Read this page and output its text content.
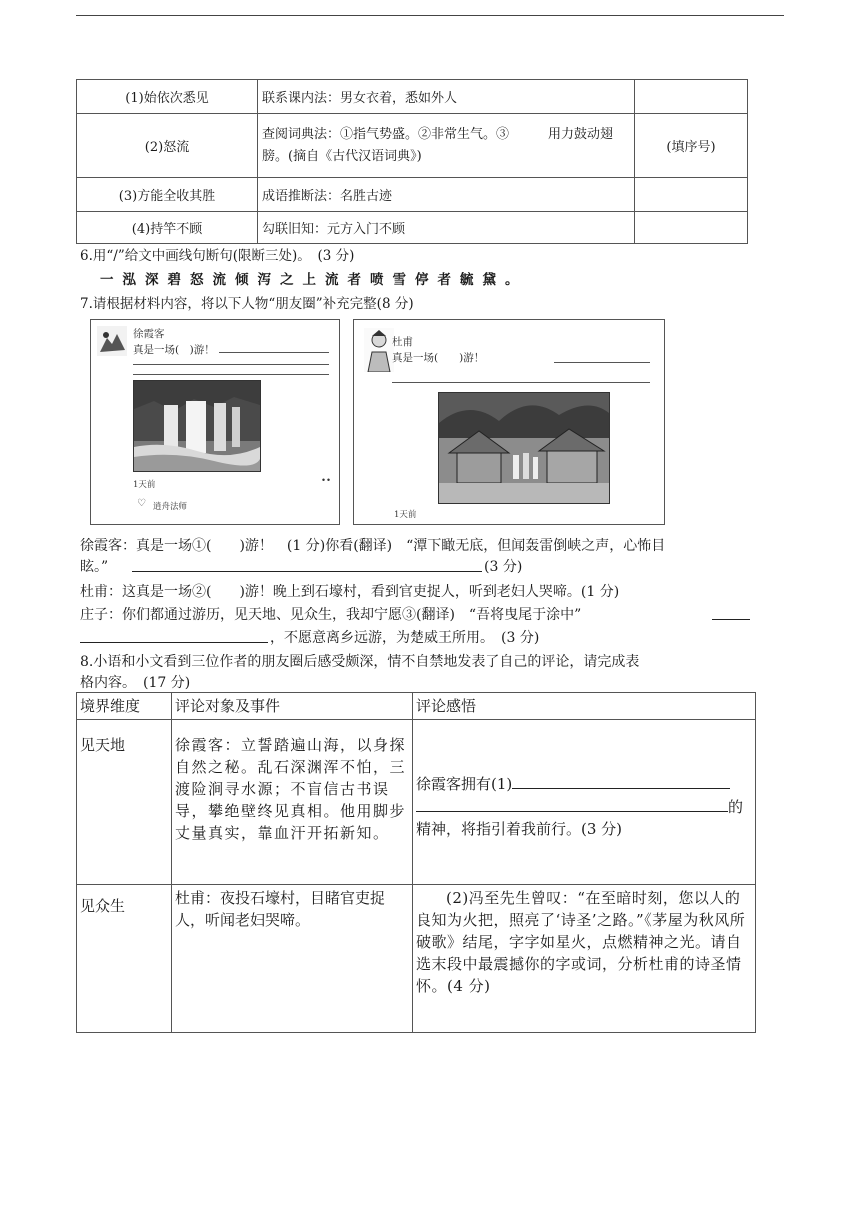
(1)始依次悉见	联系课内法：男女衣着，悉如外人	
(2)怒流	查阅词典法：①指气势盛。②非常生气。③　　　用力鼓动翅膀。(摘自《古代汉语词典》)	(填序号)
(3)方能全收其胜	成语推断法：名胜古迹	
(4)持竿不顾	勾联旧知：元方入门不顾	
6.用“/”给文中画线句断句(限断三处)。　(3 分)
一泓深碧怒流倾泻之上流者喷雪停者毓黛。
7.请根据材料内容，将以下人物“朋友圈”补充完整(8 分)
徐霞客
真是一场(　)游！
1天前	••
♡ 逍舟法师
杜甫
真是一场(　　)游！
1天前
徐霞客：真是一场①(　　)游！　(1 分)你看(翻译)　“潭下瞰无底，但闻轰雷倒峡之声，心怖目
眩。”	(3 分)
杜甫：这真是一场②(　　)游！晚上到石壕村，看到官吏捉人，听到老妇人哭啼。(1 分)
庄子：你们都通过游历，见天地、见众生，我却宁愿③(翻译)　“吾将曳尾于涂中”
，不愿意离乡远游，为楚威王所用。　(3 分)
8.小语和小文看到三位作者的朋友圈后感受颇深，情不自禁地发表了自己的评论，请完成表
格内容。　(17 分)
境界维度	评论对象及事件	评论感悟
见天地	徐霞客：立誓踏遍山海，以身探自然之秘。乱石深渊浑不怕，三渡险涧寻水源；不盲信古书误导，攀绝壁终见真相。他用脚步丈量真实，靠血汗开拓新知。	徐霞客拥有(1)
的
精神，将指引着我前行。(3 分)

见众生	杜甫：夜投石壕村，目睹官吏捉人，听闻老妇哭啼。	(2)冯至先生曾叹：“在至暗时刻，您以人的良知为火把，照亮了‘诗圣’之路。”《茅屋为秋风所破歌》结尾，字字如星火，点燃精神之光。请自选末段中最震撼你的字或词，分析杜甫的诗圣情怀。(4 分)
